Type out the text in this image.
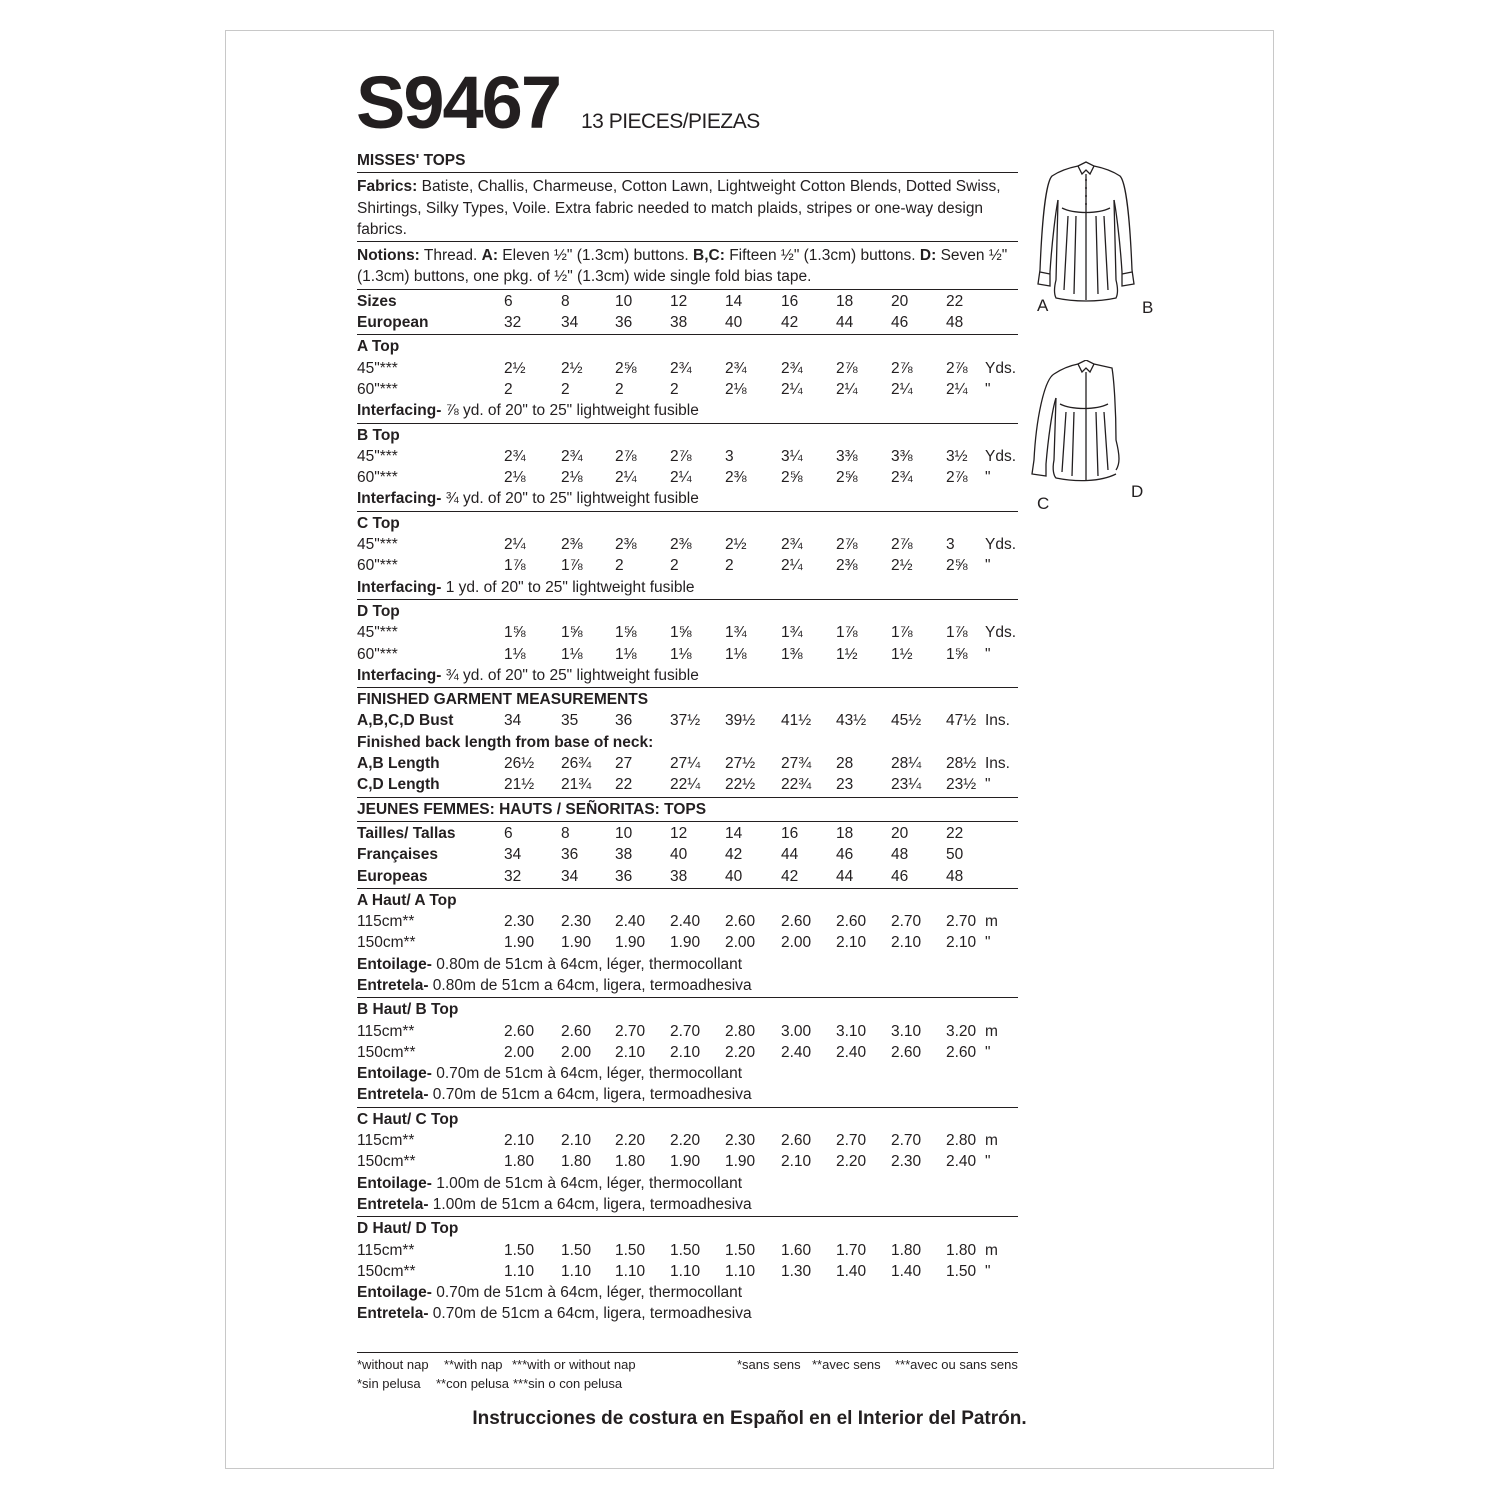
S9467 13 PIECES/PIEZAS
MISSES' TOPS
Fabrics: Batiste, Challis, Charmeuse, Cotton Lawn, Lightweight Cotton Blends, Dotted Swiss, Shirtings, Silky Types, Voile. Extra fabric needed to match plaids, stripes or one-way design fabrics.
Notions: Thread. A: Eleven ½" (1.3cm) buttons. B,C: Fifteen ½" (1.3cm) buttons. D: Seven ½" (1.3cm) buttons, one pkg. of ½" (1.3cm) wide single fold bias tape.
Sizes	6	8	10 12 14	16 18 20 22
European	32	34 36 38 40	42 44 46 48
A Top
45"***	2½ 2½ 2⅝ 2¾ 2¾ 2¾ 2⅞ 2⅞ 2⅞ Yds.
60"***	2	2	2	2	2⅛ 2¼ 2¼ 2¼ 2¼ "
Interfacing- ⅞ yd. of 20" to 25" lightweight fusible
B Top
45"***	2¾ 2¾ 2⅞ 2⅞ 3	3¼ 3⅜ 3⅜ 3½ Yds.
60"***	2⅛ 2⅛ 2¼ 2¼ 2⅜ 2⅝ 2⅝ 2¾ 2⅞ "
Interfacing- ¾ yd. of 20" to 25" lightweight fusible
C Top
45"***	2¼ 2⅜ 2⅜ 2⅜ 2½ 2¾ 2⅞ 2⅞ 3 Yds.
60"***	1⅞ 1⅞ 2	2	2	2¼ 2⅜ 2½ 2⅝ "
Interfacing- 1 yd. of 20" to 25" lightweight fusible
D Top
45"***	1⅝ 1⅝ 1⅝ 1⅝ 1¾ 1¾ 1⅞ 1⅞ 1⅞ Yds.
60"***	1⅛ 1⅛ 1⅛ 1⅛ 1⅛ 1⅜ 1½ 1½ 1⅝ "
Interfacing- ¾ yd. of 20" to 25" lightweight fusible
FINISHED GARMENT MEASUREMENTS
A,B,C,D Bust	34	35 36 37½ 39½ 41½ 43½ 45½ 47½ Ins.
Finished back length from base of neck:
A,B Length	26½ 26¾ 27 27¼ 27½ 27¾ 28 28¼ 28½ Ins.
C,D Length	21½ 21¾ 22 22¼ 22½ 22¾ 23 23¼ 23½ "
JEUNES FEMMES: HAUTS / SEÑORITAS: TOPS
Tailles/ Tallas	6	8	10 12 14	16 18 20 22
Françaises	34	36 38 40 42	44 46 48 50
Europeas	32	34 36 38 40	42 44 46 48
A Haut/ A Top
115cm**	2.30 2.30 2.40 2.40 2.60 2.60 2.60 2.70 2.70 m
150cm**	1.90 1.90 1.90 1.90 2.00 2.00 2.10 2.10 2.10 "
Entoilage- 0.80m de 51cm à 64cm, léger, thermocollant
Entretela- 0.80m de 51cm a 64cm, ligera, termoadhesiva
B Haut/ B Top
115cm**	2.60 2.60 2.70 2.70 2.80 3.00 3.10 3.10 3.20 m
150cm**	2.00 2.00 2.10 2.10 2.20 2.40 2.40 2.60 2.60 "
Entoilage- 0.70m de 51cm à 64cm, léger, thermocollant
Entretela- 0.70m de 51cm a 64cm, ligera, termoadhesiva
C Haut/ C Top
115cm**	2.10 2.10 2.20 2.20 2.30 2.60 2.70 2.70 2.80 m
150cm**	1.80 1.80 1.80 1.90 1.90 2.10 2.20 2.30 2.40 "
Entoilage- 1.00m de 51cm à 64cm, léger, thermocollant
Entretela- 1.00m de 51cm a 64cm, ligera, termoadhesiva
D Haut/ D Top
115cm**	1.50 1.50 1.50 1.50 1.50 1.60 1.70 1.80 1.80 m
150cm**	1.10 1.10 1.10 1.10 1.10 1.30 1.40 1.40 1.50 "
Entoilage- 0.70m de 51cm à 64cm, léger, thermocollant
Entretela- 0.70m de 51cm a 64cm, ligera, termoadhesiva
A	B
C
D
*without nap **with nap ***with or without nap	*sans sens **avec sens ***avec ou sans sens
*sin pelusa **con pelusa ***sin o con pelusa
Instrucciones de costura en Español en el Interior del Patrón.
